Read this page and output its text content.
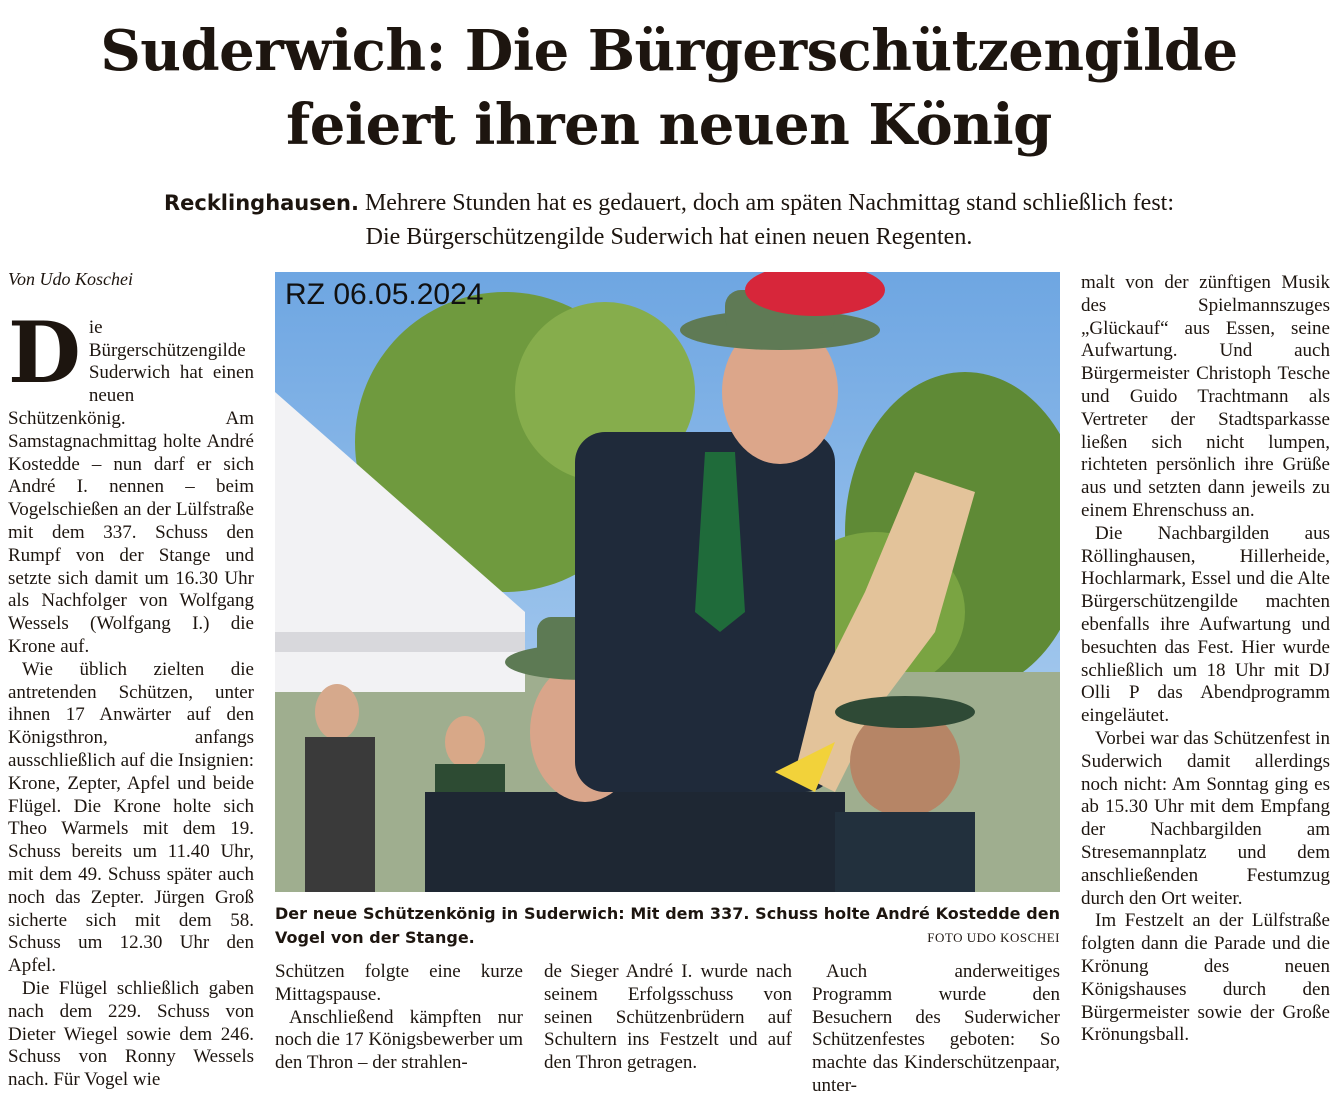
Suderwich: Die Bürgerschützengilde
feiert ihren neuen König
Recklinghausen. Mehrere Stunden hat es gedauert, doch am späten Nachmittag stand schließlich fest:
Die Bürgerschützengilde Suderwich hat einen neuen Regenten.

Von Udo Koschei

Die Bürgerschützengilde Suderwich hat einen neuen Schützenkönig. Am Samstagnachmittag holte André Kostedde – nun darf er sich André I. nennen – beim Vogelschießen an der Lülfstraße mit dem 337. Schuss den Rumpf von der Stange und setzte sich damit um 16.30 Uhr als Nachfolger von Wolfgang Wessels (Wolfgang I.) die Krone auf.

Wie üblich zielten die antretenden Schützen, unter ihnen 17 Anwärter auf den Königsthron, anfangs ausschließlich auf die Insignien: Krone, Zepter, Apfel und beide Flügel. Die Krone holte sich Theo Warmels mit dem 19. Schuss bereits um 11.40 Uhr, mit dem 49. Schuss später auch noch das Zepter. Jürgen Groß sicherte sich mit dem 58. Schuss um 12.30 Uhr den Apfel.

Die Flügel schließlich gaben nach dem 229. Schuss von Dieter Wiegel sowie dem 246. Schuss von Ronny Wessels nach. Für Vogel wie

RZ 06.05.2024
Der neue Schützenkönig in Suderwich: Mit dem 337. Schuss holte André Kostedde den Vogel von der Stange.	FOTO UDO KOSCHEI

Schützen folgte eine kurze Mittagspause.

Anschließend kämpften nur noch die 17 Königsbewerber um den Thron – der strahlen-

de Sieger André I. wurde nach seinem Erfolgsschuss von seinen Schützenbrüdern auf Schultern ins Festzelt und auf den Thron getragen.

Auch anderweitiges Programm wurde den Besuchern des Suderwicher Schützenfestes geboten: So machte das Kinderschützenpaar, unter-

malt von der zünftigen Musik des Spielmannszuges „Glückauf“ aus Essen, seine Aufwartung. Und auch Bürgermeister Christoph Tesche und Guido Trachtmann als Vertreter der Stadtsparkasse ließen sich nicht lumpen, richteten persönlich ihre Grüße aus und setzten dann jeweils zu einem Ehrenschuss an.

Die Nachbargilden aus Röllinghausen, Hillerheide, Hochlarmark, Essel und die Alte Bürgerschützengilde machten ebenfalls ihre Aufwartung und besuchten das Fest. Hier wurde schließlich um 18 Uhr mit DJ Olli P das Abendprogramm eingeläutet.

Vorbei war das Schützenfest in Suderwich damit allerdings noch nicht: Am Sonntag ging es ab 15.30 Uhr mit dem Empfang der Nachbargilden am Stresemannplatz und dem anschließenden Festumzug durch den Ort weiter.

Im Festzelt an der Lülfstraße folgten dann die Parade und die Krönung des neuen Königshauses durch den Bürgermeister sowie der Große Krönungsball.
